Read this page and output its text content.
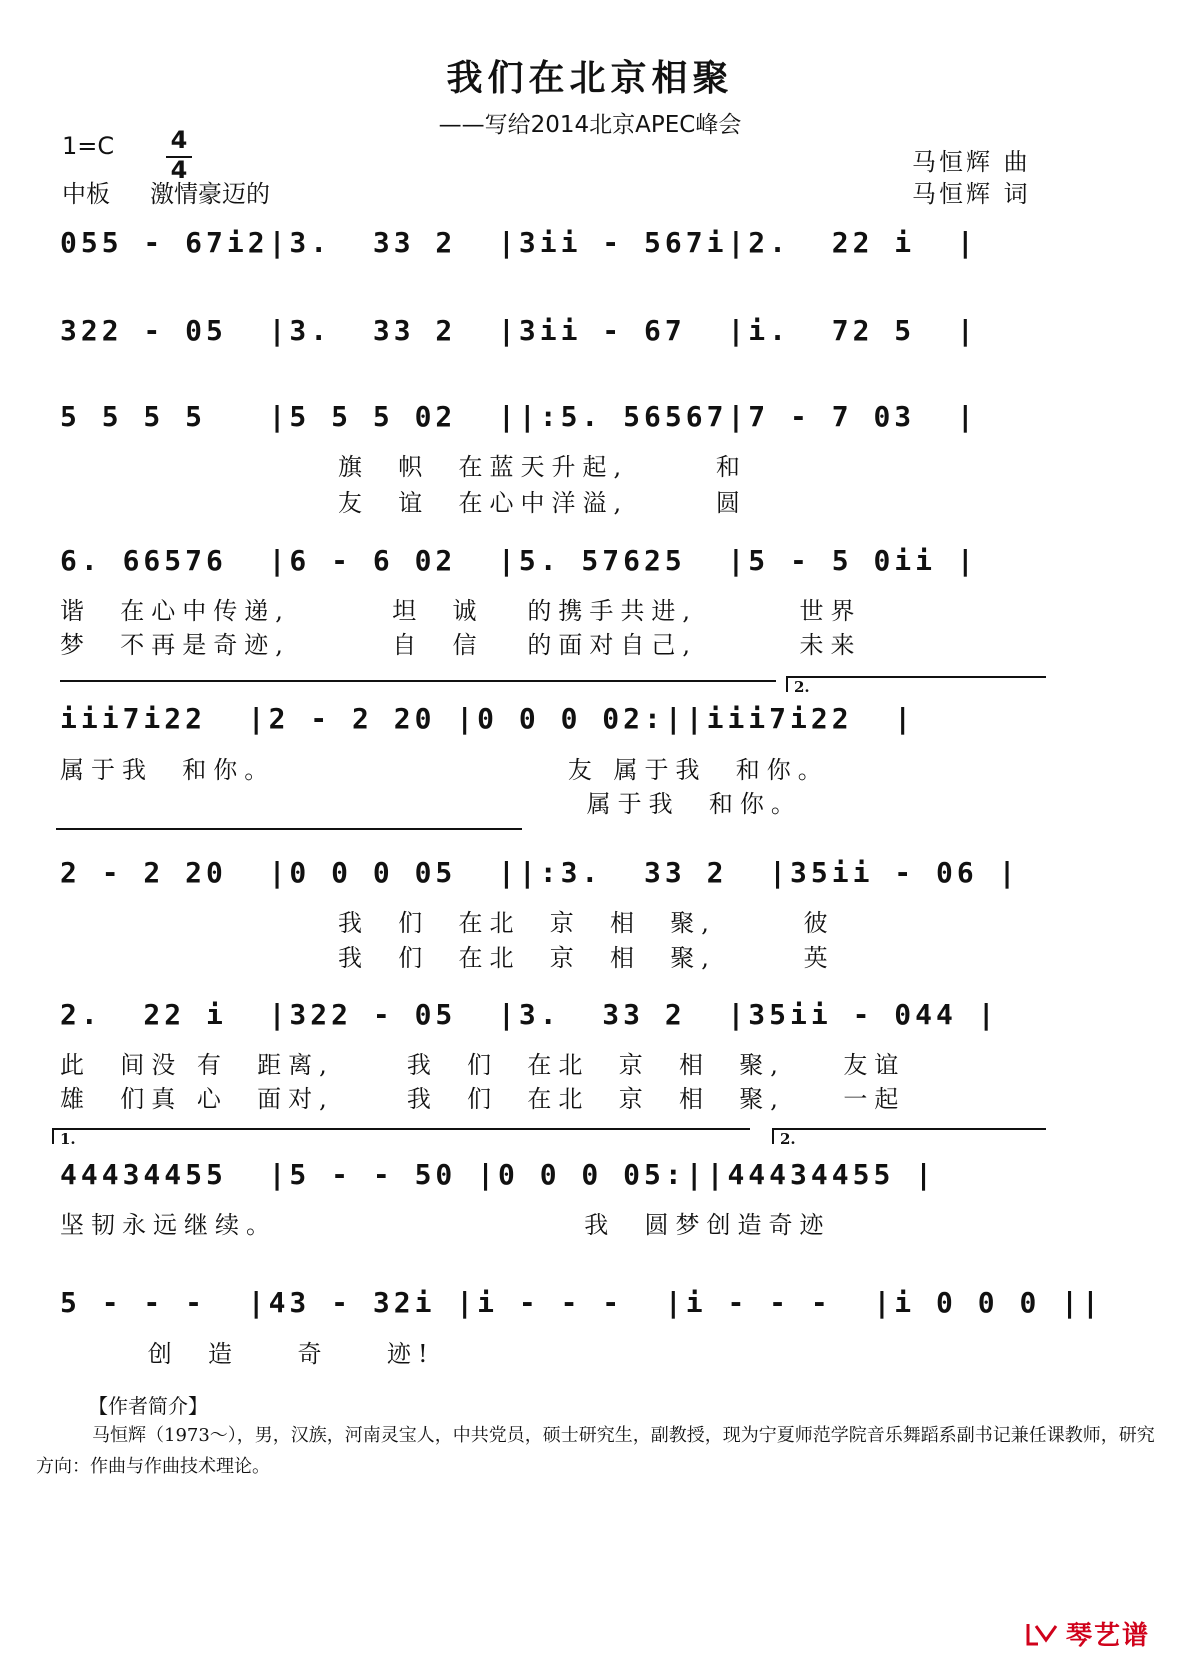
我们在北京相聚
——写给2014北京APEC峰会
1=C 4
4
中板 激情豪迈的
马恒辉 曲
马恒辉 词
055 - 67i2|3.  33 2  |3ii - 567i|2.  22 i  |
322 - 05  |3.  33 2  |3ii - 67  |i.  72 5  |
5 5 5 5   |5 5 5 02  ||:5. 56567|7 - 7 03  |
旗  帜  在蓝天升起,      和
友  谊  在心中洋溢,      圆
6. 66576  |6 - 6 02  |5. 57625  |5 - 5 0ii |
谐  在心中传递,       坦  诚   的携手共进,       世界
梦  不再是奇迹,       自  信   的面对自己,       未来
2.
iii7i22  |2 - 2 20 |0 0 0 02:||iii7i22  |
属于我  和你。                    友 属于我  和你。
属于我  和你。
2 - 2 20  |0 0 0 05  ||:3.  33 2  |35ii - 06 |
我  们  在北  京  相  聚,      彼
我  们  在北  京  相  聚,      英
2.  22 i  |322 - 05  |3.  33 2  |35ii - 044 |
此  间没 有  距离,     我  们  在北  京  相  聚,    友谊
雄  们真 心  面对,     我  们  在北  京  相  聚,    一起
1.	2.
44434455  |5 - - 50 |0 0 0 05:||44434455 |
坚韧永远继续。                     我  圆梦创造奇迹
5 - - -  |43 - 32i |i - - -  |i - - -  |i 0 0 0 ||
创  造    奇    迹!
【作者简介】
马恒辉（1973～），男，汉族，河南灵宝人，中共党员，硕士研究生，副教授，现为宁夏师范学院音乐舞蹈系副书记兼任课教师，研究方向：作曲与作曲技术理论。
琴艺谱
